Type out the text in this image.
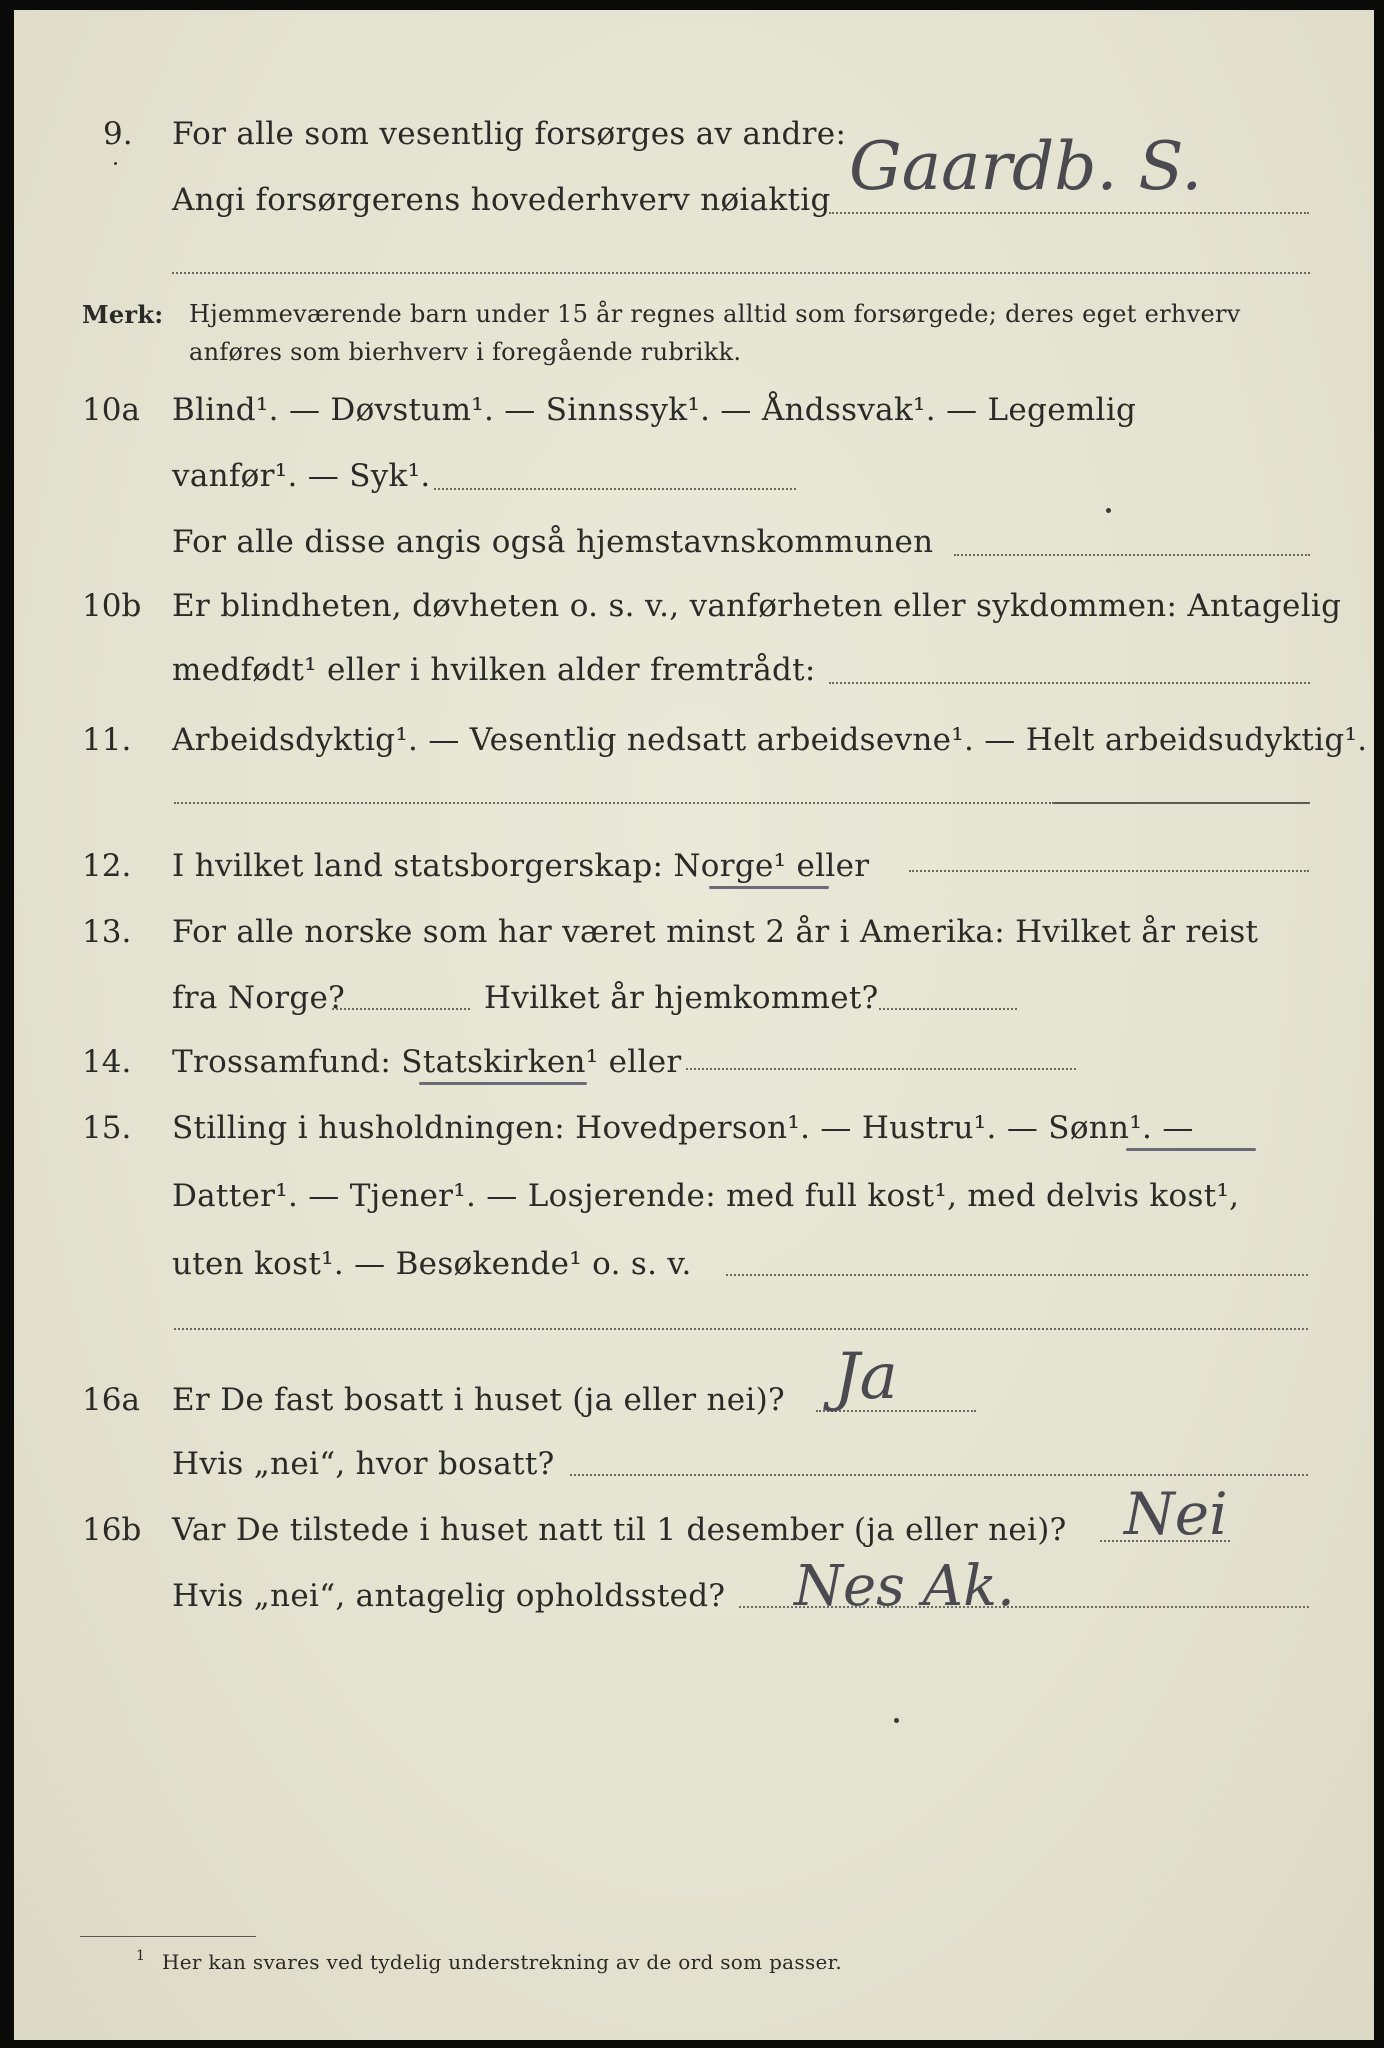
9. For alle som vesentlig forsørges av andre:
Angi forsørgerens hovederhverv nøiaktig Gaardb. S.
Merk: Hjemmeværende barn under 15 år regnes alltid som forsørgede; deres eget erhverv
anføres som bierhverv i foregående rubrikk.
10a Blind¹. — Døvstum¹. — Sinnssyk¹. — Åndssvak¹. — Legemlig
vanfør¹. — Syk¹.
For alle disse angis også hjemstavnskommunen
10b Er blindheten, døvheten o. s. v., vanførheten eller sykdommen: Antagelig
medfødt¹ eller i hvilken alder fremtrådt:
11. Arbeidsdyktig¹. — Vesentlig nedsatt arbeidsevne¹. — Helt arbeidsudyktig¹.
12. I hvilket land statsborgerskap: Norge¹ eller
13. For alle norske som har været minst 2 år i Amerika: Hvilket år reist
fra Norge?	Hvilket år hjemkommet?
14. Trossamfund: Statskirken¹ eller
15. Stilling i husholdningen: Hovedperson¹. — Hustru¹. — Sønn¹. —
Datter¹. — Tjener¹. — Losjerende: med full kost¹, med delvis kost¹,
uten kost¹. — Besøkende¹ o. s. v.
16a Er De fast bosatt i huset (ja eller nei)? Ja
Hvis „nei“, hvor bosatt?
16b Var De tilstede i huset natt til 1 desember (ja eller nei)? Nei
Hvis „nei“, antagelig opholdssted? Nes Ak.
1 Her kan svares ved tydelig understrekning av de ord som passer.
